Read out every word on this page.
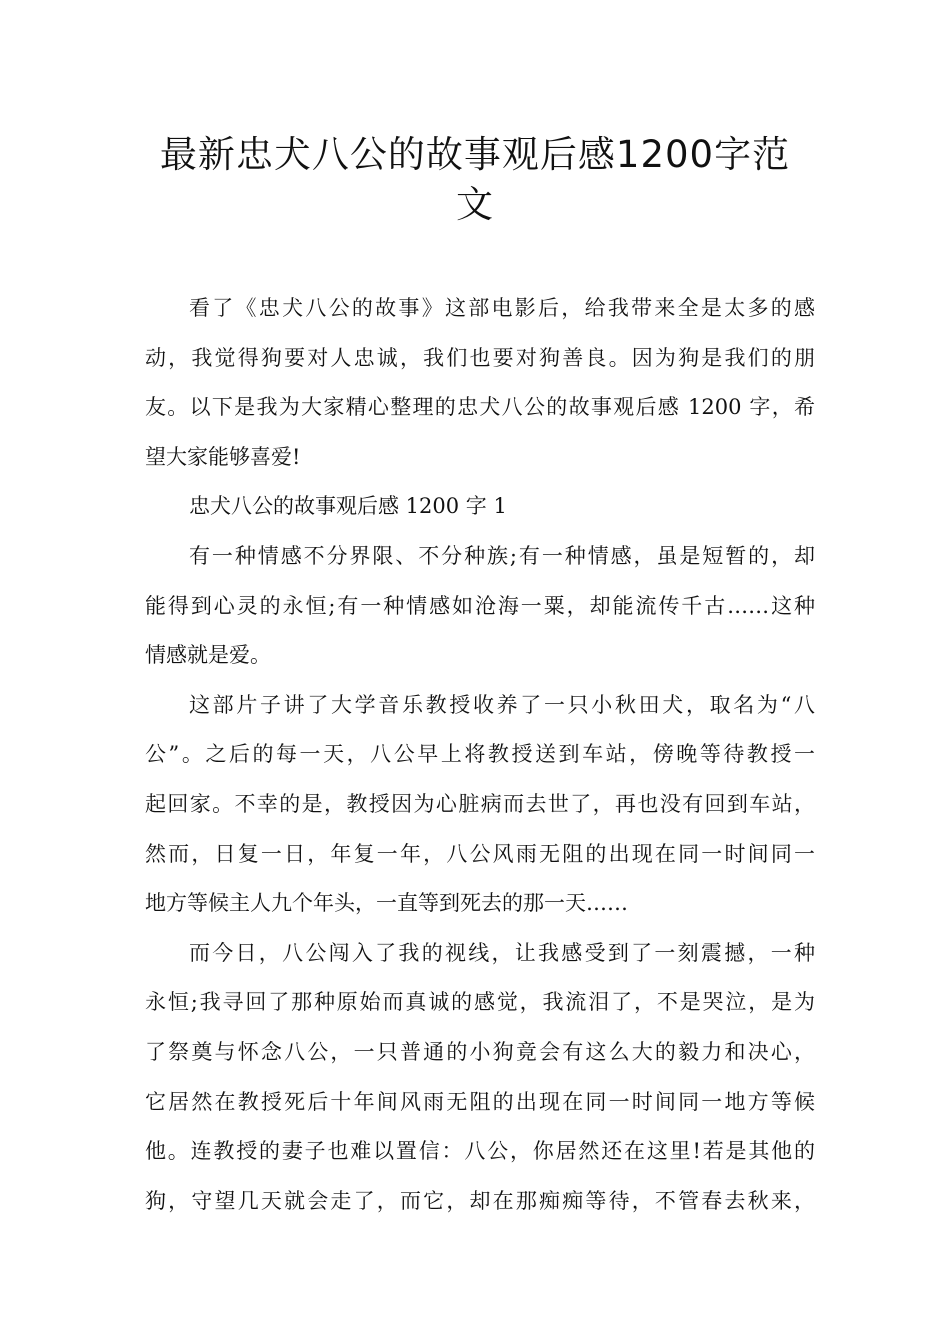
最新忠犬八公的故事观后感1200字范
文
看了《忠犬八公的故事》这部电影后，给我带来全是太多的感
动，我觉得狗要对人忠诚，我们也要对狗善良。因为狗是我们的朋
友。以下是我为大家精心整理的忠犬八公的故事观后感 1200 字，希
望大家能够喜爱!
忠犬八公的故事观后感 1200 字 1
有一种情感不分界限、不分种族;有一种情感，虽是短暂的，却
能得到心灵的永恒;有一种情感如沧海一粟，却能流传千古……这种
情感就是爱。
这部片子讲了大学音乐教授收养了一只小秋田犬，取名为“八
公”。之后的每一天，八公早上将教授送到车站，傍晚等待教授一
起回家。不幸的是，教授因为心脏病而去世了，再也没有回到车站，
然而，日复一日，年复一年，八公风雨无阻的出现在同一时间同一
地方等候主人九个年头，一直等到死去的那一天……
而今日，八公闯入了我的视线，让我感受到了一刻震撼，一种
永恒;我寻回了那种原始而真诚的感觉，我流泪了，不是哭泣，是为
了祭奠与怀念八公，一只普通的小狗竟会有这么大的毅力和决心，
它居然在教授死后十年间风雨无阻的出现在同一时间同一地方等候
他。连教授的妻子也难以置信：八公，你居然还在这里!若是其他的
狗，守望几天就会走了，而它，却在那痴痴等待，不管春去秋来，
